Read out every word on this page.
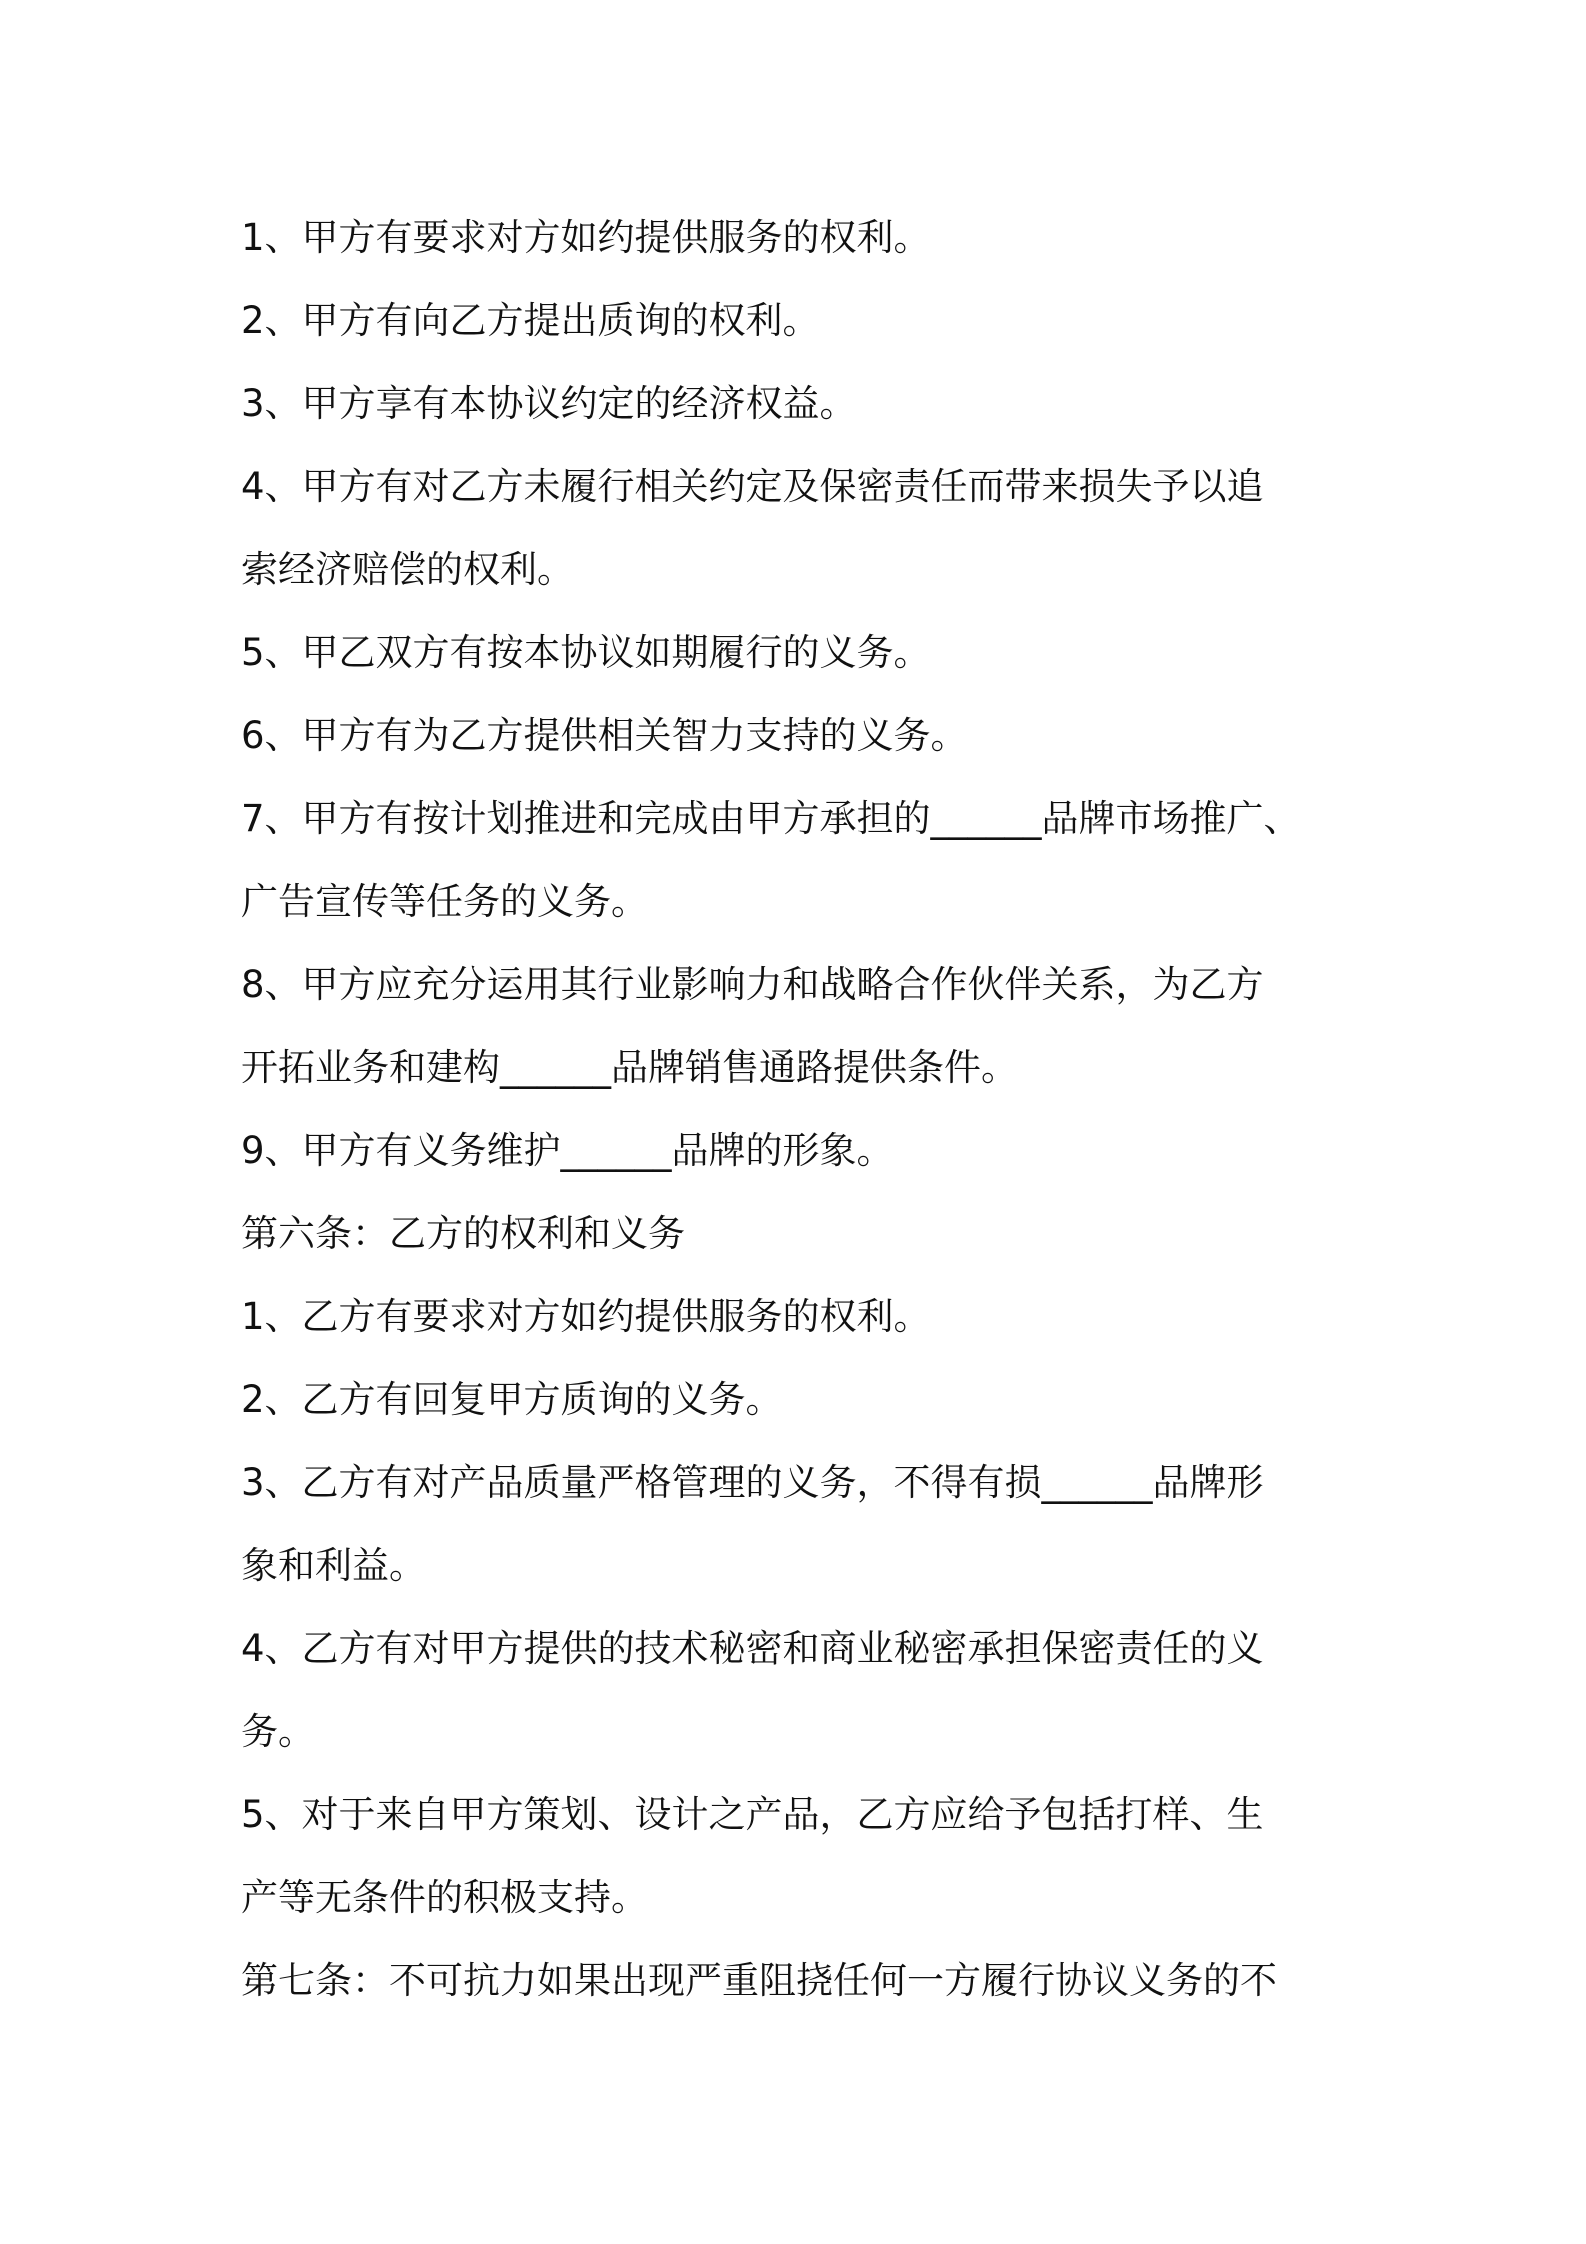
1、甲方有要求对方如约提供服务的权利。
2、甲方有向乙方提出质询的权利。
3、甲方享有本协议约定的经济权益。
4、甲方有对乙方未履行相关约定及保密责任而带来损失予以追
索经济赔偿的权利。
5、甲乙双方有按本协议如期履行的义务。
6、甲方有为乙方提供相关智力支持的义务。
7、甲方有按计划推进和完成由甲方承担的______品牌市场推广、
广告宣传等任务的义务。
8、甲方应充分运用其行业影响力和战略合作伙伴关系，为乙方
开拓业务和建构______品牌销售通路提供条件。
9、甲方有义务维护______品牌的形象。
第六条：乙方的权利和义务
1、乙方有要求对方如约提供服务的权利。
2、乙方有回复甲方质询的义务。
3、乙方有对产品质量严格管理的义务，不得有损______品牌形
象和利益。
4、乙方有对甲方提供的技术秘密和商业秘密承担保密责任的义
务。
5、对于来自甲方策划、设计之产品，乙方应给予包括打样、生
产等无条件的积极支持。
第七条：不可抗力如果出现严重阻挠任何一方履行协议义务的不
